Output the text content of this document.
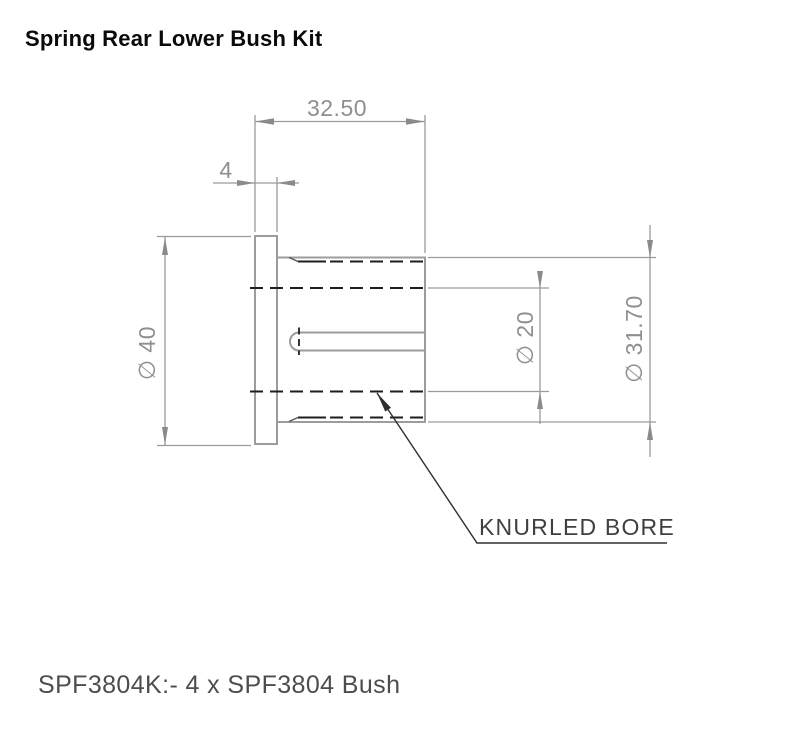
Spring Rear Lower Bush Kit
32.50
4
∅ 40	∅ 20	∅ 31.70
KNURLED BORE
SPF3804K:- 4 x SPF3804 Bush
